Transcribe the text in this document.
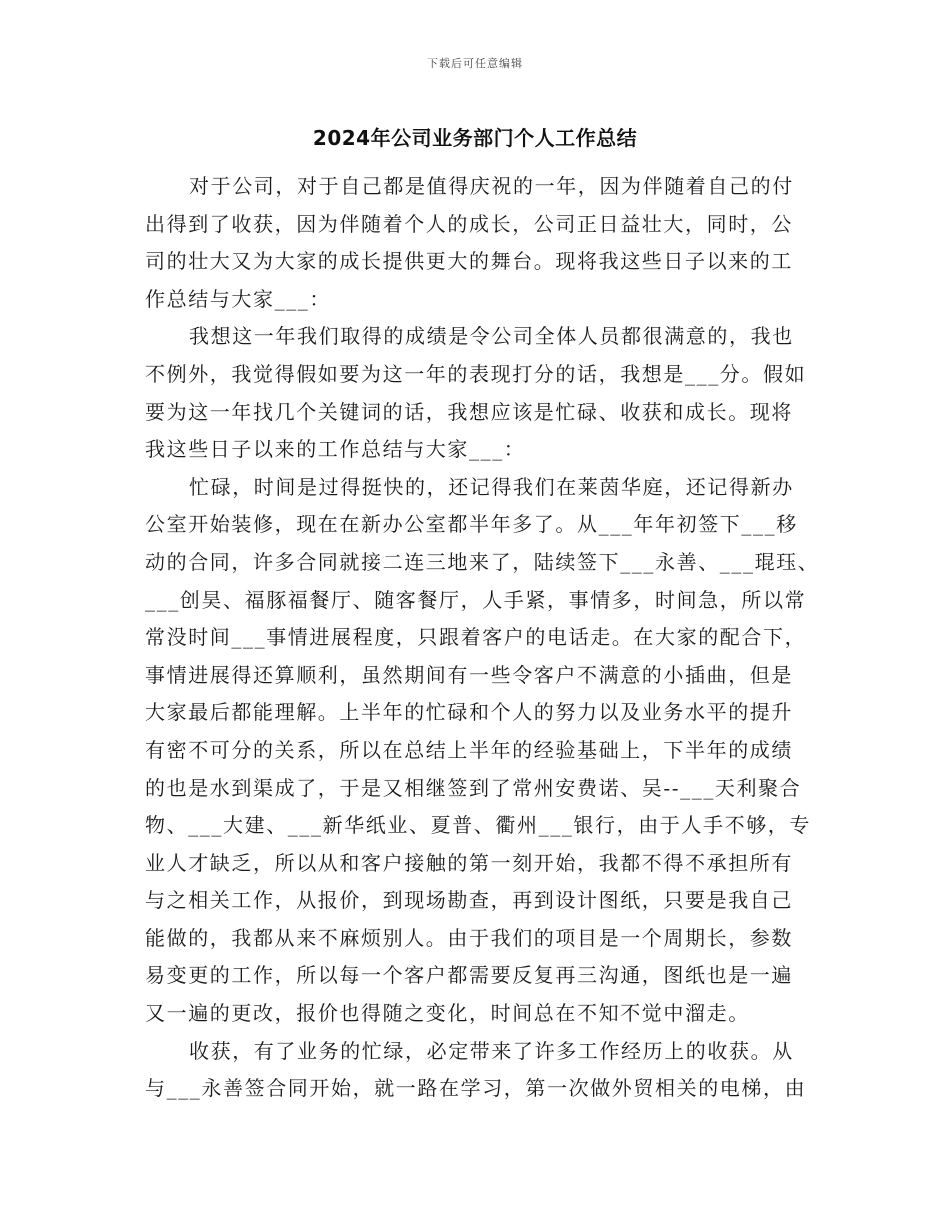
下载后可任意编辑
2024年公司业务部门个人工作总结
对于公司，对于自己都是值得庆祝的一年，因为伴随着自己的付
出得到了收获，因为伴随着个人的成长，公司正日益壮大，同时，公
司的壮大又为大家的成长提供更大的舞台。现将我这些日子以来的工
作总结与大家___：
我想这一年我们取得的成绩是令公司全体人员都很满意的，我也
不例外，我觉得假如要为这一年的表现打分的话，我想是___分。假如
要为这一年找几个关键词的话，我想应该是忙碌、收获和成长。现将
我这些日子以来的工作总结与大家___：
忙碌，时间是过得挺快的，还记得我们在莱茵华庭，还记得新办
公室开始装修，现在在新办公室都半年多了。从___年年初签下___移
动的合同，许多合同就接二连三地来了，陆续签下___永善、___琨珏、
___创昊、福豚福餐厅、随客餐厅，人手紧，事情多，时间急，所以常
常没时间___事情进展程度，只跟着客户的电话走。在大家的配合下，
事情进展得还算顺利，虽然期间有一些令客户不满意的小插曲，但是
大家最后都能理解。上半年的忙碌和个人的努力以及业务水平的提升
有密不可分的关系，所以在总结上半年的经验基础上，下半年的成绩
的也是水到渠成了，于是又相继签到了常州安费诺、吴--___天利聚合
物、___大建、___新华纸业、夏普、衢州___银行，由于人手不够，专
业人才缺乏，所以从和客户接触的第一刻开始，我都不得不承担所有
与之相关工作，从报价，到现场勘查，再到设计图纸，只要是我自己
能做的，我都从来不麻烦别人。由于我们的项目是一个周期长，参数
易变更的工作，所以每一个客户都需要反复再三沟通，图纸也是一遍
又一遍的更改，报价也得随之变化，时间总在不知不觉中溜走。
收获，有了业务的忙绿，必定带来了许多工作经历上的收获。从
与___永善签合同开始，就一路在学习，第一次做外贸相关的电梯，由
